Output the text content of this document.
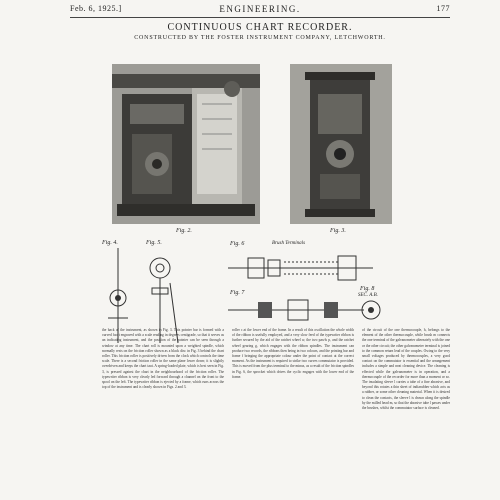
Feb. 6, 1925.]	ENGINEERING.	177
CONTINUOUS CHART RECORDER.
CONSTRUCTED BY THE FOSTER INSTRUMENT COMPANY, LETCHWORTH.
Fig. 2.	Fig. 3.
Fig. 4.	Fig. 5.	Fig. 6	Brush Terminals
Fig. 7
Fig. 8
SEC. A.B.
the back of the instrument, as shown in Fig. 3. This pointer bar is formed with a curved facet engraved with a scale reading in degrees centigrade, so that it serves as an indicating instrument, and the position of the pointer can be seen through a window at any time. The chart roll is mounted upon a weighted spindle, which normally rests on the friction roller shown as a black disc in Fig. 3 behind the chart roller. This friction roller is positively driven from the clock which controls the time scale. There is a second friction roller in the same plane lower down; it is slightly overdriven and keeps the chart taut. A spring-loaded plate, which is best seen in Fig. 3, is pressed against the chart in the neighbourhood of the friction roller. The typewriter ribbon is very clearly led forward through a channel on the front to the spool on the left. The typewriter ribbon is ejected by a frame, which runs across the top of the instrument and is clearly shown in Figs. 2 and 3.
roller c at the lower end of the frame. In a result of this oscillation the whole width of the ribbon is usefully employed, and a very slow feed of the typewriter ribbon is further secured by the aid of the ratchet wheel w, the two pawls p, and the ratchet wheel gearing g, which engages with the ribbon spindles. The instrument can produce two records, the ribbons then being in two colours, and the printing bar and frame f bringing the appropriate colour under the point of contact at the correct moment. As the instrument is required to strike two curves commutator is provided. This is moved from the plus terminal to the minus, as a result of the friction spindles in Fig. 6, the sprocket which drives the cyclic engages with the lower end of the frame.
of the circuit of the one thermocouple, h, belongs to the element of the other thermocouple, while brush m connects the one terminal of the galvanometer alternately with the one or the other circuit; the other galvanometer terminal is joined to the common return lead of the couples. Owing to the very small voltages produced by thermocouples, a very good contact on the commutator is essential and the arrangement includes a simple and neat cleaning device. The cleaning is effected while the galvanometer is in operation, and a thermocouple of the recorder for more than a moment or so. The insulating sleeve l carries a tube of a fine abrasive, and beyond this rotates a thin sheet of indiarubber which acts as a rubber, or some other cleaning material. When it is desired to clean the contacts, the sleeve l is drawn along the spindle by the milled head m, so that the abrasive tube l passes under the brushes, whilst the commutator surface is cleaned.
